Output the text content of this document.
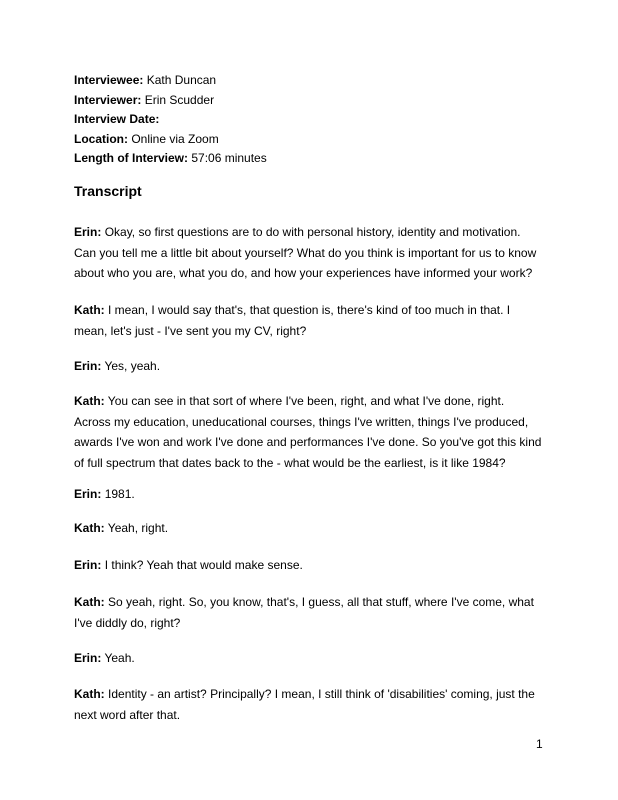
Interviewee: Kath Duncan
Interviewer: Erin Scudder
Interview Date:
Location: Online via Zoom
Length of Interview: 57:06 minutes
Transcript
Erin: Okay, so first questions are to do with personal history, identity and motivation.
Can you tell me a little bit about yourself? What do you think is important for us to know
about who you are, what you do, and how your experiences have informed your work?
Kath: I mean, I would say that's, that question is, there's kind of too much in that. I
mean, let's just - I've sent you my CV, right?
Erin: Yes, yeah.
Kath: You can see in that sort of where I've been, right, and what I've done, right.
Across my education, uneducational courses, things I've written, things I've produced,
awards I've won and work I've done and performances I've done. So you've got this kind
of full spectrum that dates back to the - what would be the earliest, is it like 1984?
Erin: 1981.
Kath: Yeah, right.
Erin: I think? Yeah that would make sense.
Kath: So yeah, right. So, you know, that's, I guess, all that stuff, where I've come, what
I've diddly do, right?
Erin: Yeah.
Kath: Identity - an artist? Principally? I mean, I still think of 'disabilities' coming, just the
next word after that.
1
